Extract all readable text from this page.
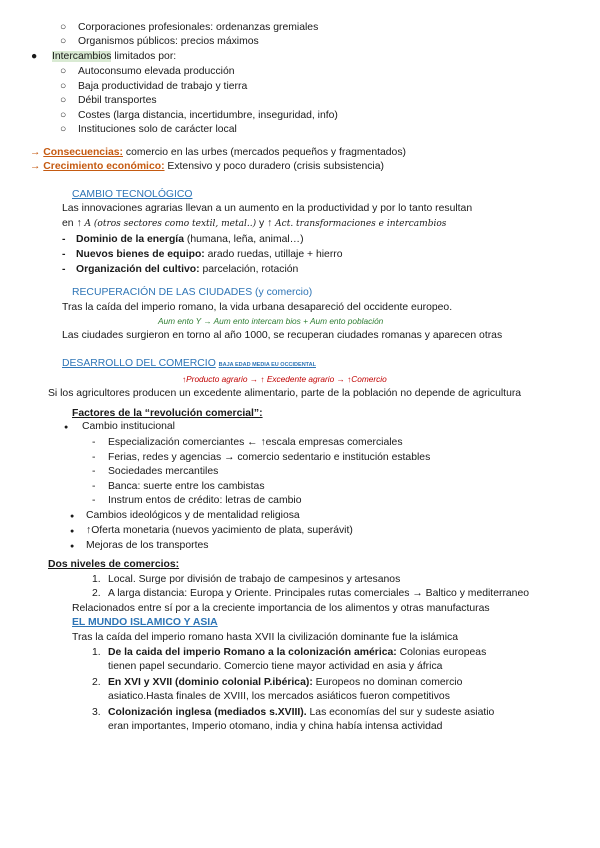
○ Corporaciones profesionales: ordenanzas gremiales
○ Organismos públicos: precios máximos
● Intercambios limitados por:
○ Autoconsumo elevada producción
○ Baja productividad de trabajo y tierra
○ Débil transportes
○ Costes (larga distancia, incertidumbre, inseguridad, info)
○ Instituciones solo de carácter local
→ Consecuencias: comercio en las urbes (mercados pequeños y fragmentados)
→ Crecimiento económico: Extensivo y poco duradero (crisis subsistencia)
CAMBIO TECNOLÓGICO
Las innovaciones agrarias llevan a un aumento en la productividad y por lo tanto resultan
en ↑ A (otros sectores como textil, metal..) y ↑ Act. transformaciones e intercambios
- Dominio de la energía (humana, leña, animal…)
- Nuevos bienes de equipo: arado ruedas, utillaje + hierro
- Organización del cultivo: parcelación, rotación
RECUPERACIÓN DE LAS CIUDADES (y comercio)
Tras la caída del imperio romano, la vida urbana desapareció del occidente europeo.
Aum ento Y → Aum ento intercam bios + Aum ento población
Las ciudades surgieron en torno al año 1000, se recuperan ciudades romanas y aparecen otras
DESARROLLO DEL COMERCIO BAJA EDAD MEDIA EU OCCIDENTAL
↑Producto agrario → ↑ Excedente agrario → ↑Comercio
Si los agricultores producen un excedente alimentario, parte de la población no depende de agricultura
Factores de la “revolución comercial”:
● Cambio institucional
- Especialización comerciantes ← ↑escala empresas comerciales
- Ferias, redes y agencias → comercio sedentario e institución estables
- Sociedades mercantiles
- Banca: suerte entre los cambistas
- Instrum entos de crédito: letras de cambio
● Cambios ideológicos y de mentalidad religiosa
● ↑Oferta monetaria (nuevos yacimiento de plata, superávit)
● Mejoras de los transportes
Dos niveles de comercios:
1. Local. Surge por división de trabajo de campesinos y artesanos
2. A larga distancia: Europa y Oriente. Principales rutas comerciales → Baltico y mediterraneo
Relacionados entre sí por a la creciente importancia de los alimentos y otras manufacturas
EL MUNDO ISLAMICO Y ASIA
Tras la caída del imperio romano hasta XVII la civilización dominante fue la islámica
1. De la caida del imperio Romano a la colonización américa: Colonias europeas
tienen papel secundario. Comercio tiene mayor actividad en asia y áfrica
2. En XVI y XVII (dominio colonial P.ibérica): Europeos no dominan comercio
asiatico.Hasta finales de XVIII, los mercados asiáticos fueron competitivos
3. Colonización inglesa (mediados s.XVIII). Las economías del sur y sudeste asiatio
eran importantes, Imperio otomano, india y china había intensa actividad
